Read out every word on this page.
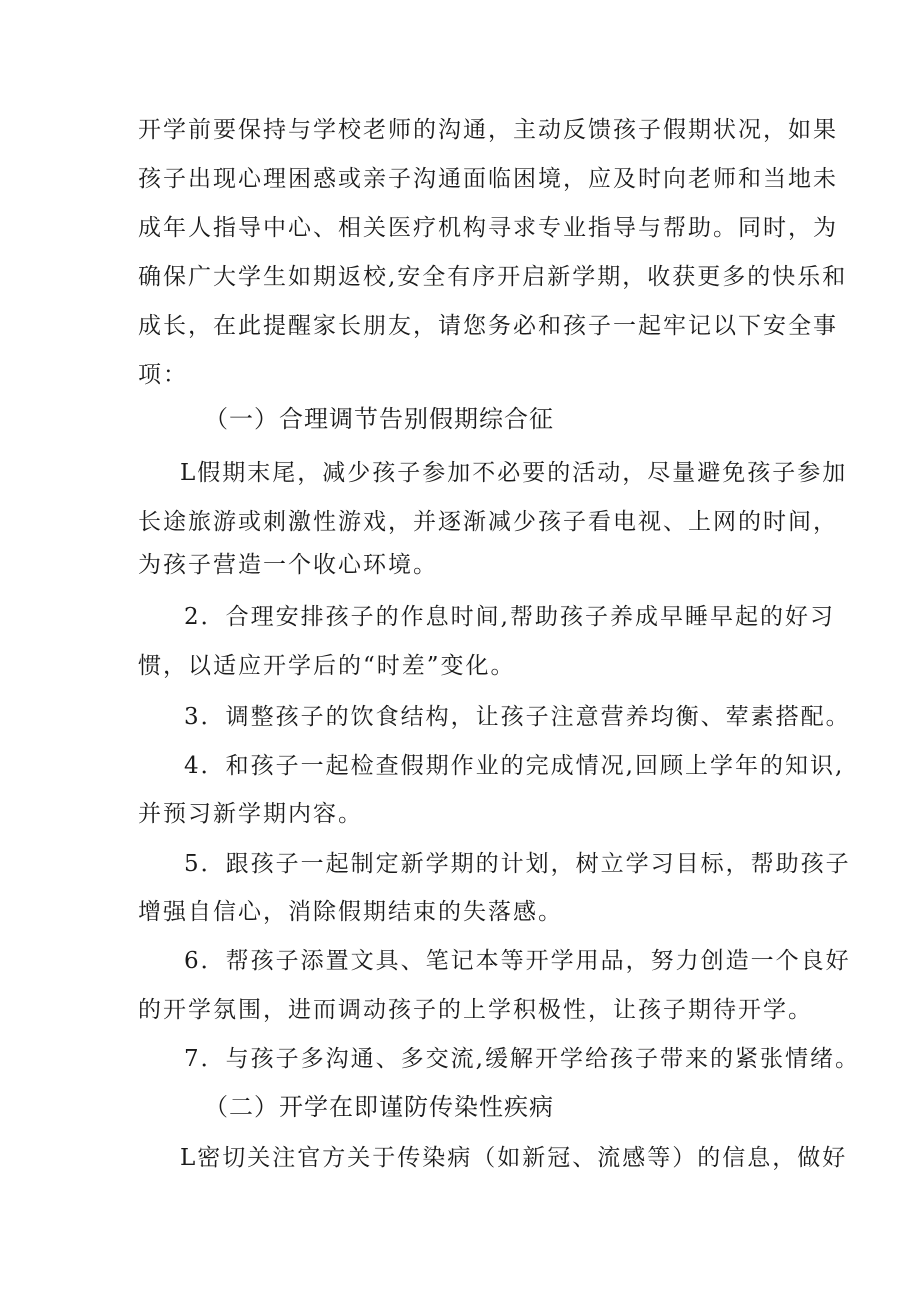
开学前要保持与学校老师的沟通，主动反馈孩子假期状况，如果
孩子出现心理困惑或亲子沟通面临困境，应及时向老师和当地未
成年人指导中心、相关医疗机构寻求专业指导与帮助。同时，为
确保广大学生如期返校,安全有序开启新学期，收获更多的快乐和
成长，在此提醒家长朋友，请您务必和孩子一起牢记以下安全事
项：
（一）合理调节告别假期综合征
L假期末尾，减少孩子参加不必要的活动，尽量避免孩子参加
长途旅游或刺激性游戏，并逐渐减少孩子看电视、上网的时间，
为孩子营造一个收心环境。
2．合理安排孩子的作息时间,帮助孩子养成早睡早起的好习
惯，以适应开学后的“时差”变化。
3．调整孩子的饮食结构，让孩子注意营养均衡、荤素搭配。
4．和孩子一起检查假期作业的完成情况,回顾上学年的知识,
并预习新学期内容。
5．跟孩子一起制定新学期的计划，树立学习目标，帮助孩子
增强自信心，消除假期结束的失落感。
6．帮孩子添置文具、笔记本等开学用品，努力创造一个良好
的开学氛围，进而调动孩子的上学积极性，让孩子期待开学。
7．与孩子多沟通、多交流,缓解开学给孩子带来的紧张情绪。
（二）开学在即谨防传染性疾病
L密切关注官方关于传染病（如新冠、流感等）的信息，做好
